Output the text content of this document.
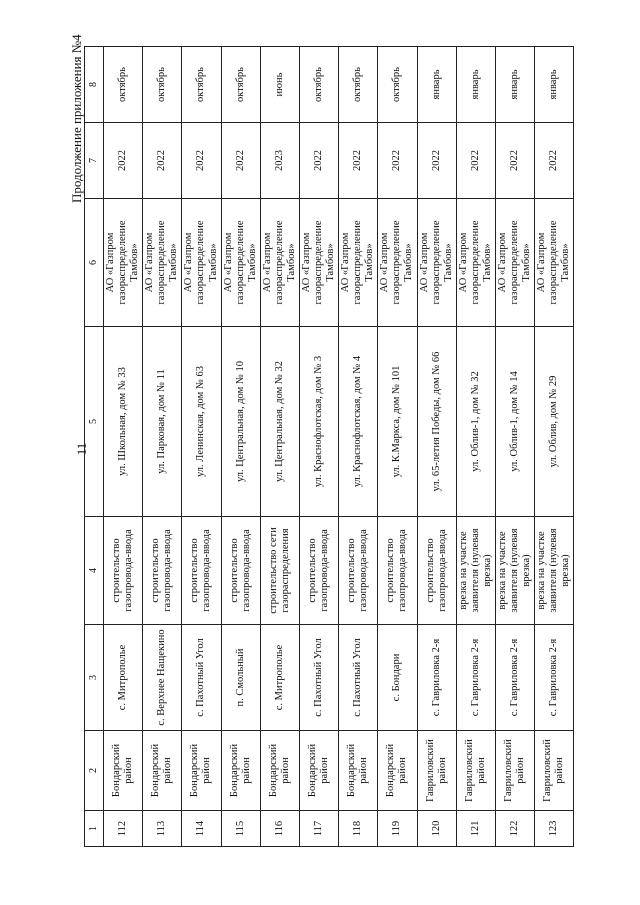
11
Продолжение приложения №4
1	2	3	4	5	6	7	8
112	Бондарский район	с. Митрополье	строительство газопровода-ввода	ул. Школьная, дом № 33	АО «Газпром газораспределение Тамбов»	2022	октябрь
113	Бондарский район	с. Верхнее Нащекино	строительство газопровода-ввода	ул. Парковая, дом № 11	АО «Газпром газораспределение Тамбов»	2022	октябрь
114	Бондарский район	с. Пахотный Угол	строительство газопровода-ввода	ул. Ленинская, дом № 63	АО «Газпром газораспределение Тамбов»	2022	октябрь
115	Бондарский район	п. Смольный	строительство газопровода-ввода	ул. Центральная, дом № 10	АО «Газпром газораспределение Тамбов»	2022	октябрь
116	Бондарский район	с. Митрополье	строительство сети газораспределения	ул. Центральная, дом № 32	АО «Газпром газораспределение Тамбов»	2023	июнь
117	Бондарский район	с. Пахотный Угол	строительство газопровода-ввода	ул. Краснофлотская, дом № 3	АО «Газпром газораспределение Тамбов»	2022	октябрь
118	Бондарский район	с. Пахотный Угол	строительство газопровода-ввода	ул. Краснофлотская, дом № 4	АО «Газпром газораспределение Тамбов»	2022	октябрь
119	Бондарский район	с. Бондари	строительство газопровода-ввода	ул. К.Маркса, дом № 101	АО «Газпром газораспределение Тамбов»	2022	октябрь
120	Гавриловский район	с. Гавриловка 2-я	строительство газопровода-ввода	ул. 65-летия Победы, дом № 66	АО «Газпром газораспределение Тамбов»	2022	январь
121	Гавриловский район	с. Гавриловка 2-я	врезка на участке заявителя (нулевая врезка)	ул. Облив-1, дом № 32	АО «Газпром газораспределение Тамбов»	2022	январь
122	Гавриловский район	с. Гавриловка 2-я	врезка на участке заявителя (нулевая врезка)	ул. Облив-1, дом № 14	АО «Газпром газораспределение Тамбов»	2022	январь
123	Гавриловский район	с. Гавриловка 2-я	врезка на участке заявителя (нулевая врезка)	ул. Облив, дом № 29	АО «Газпром газораспределение Тамбов»	2022	январь
